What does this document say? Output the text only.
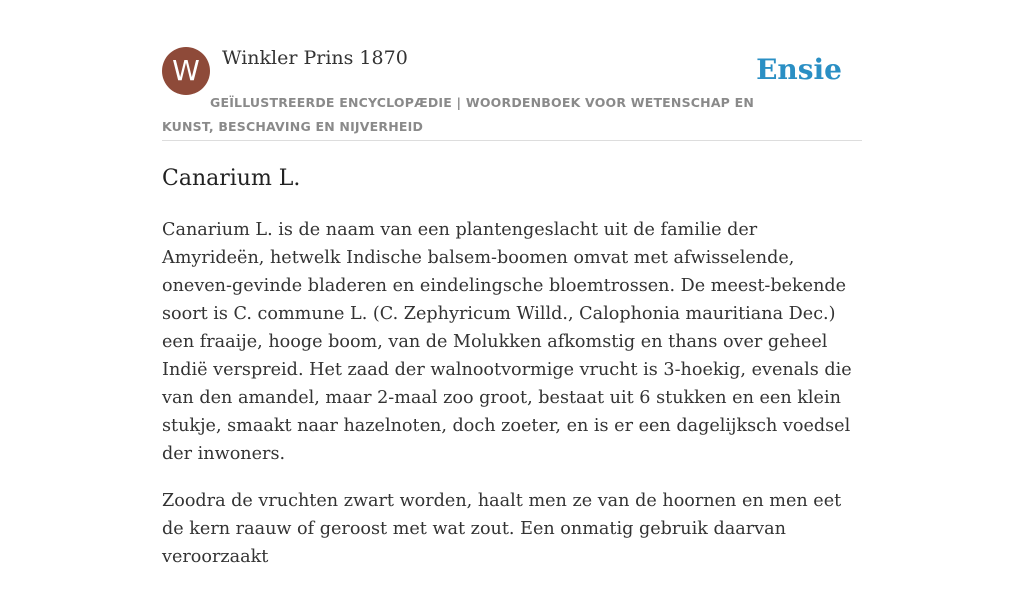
W	Winkler Prins 1870	Ensie
GEÏLLUSTREERDE ENCYCLOPÆDIE | WOORDENBOEK VOOR WETENSCHAP EN KUNST, BESCHAVING EN NIJVERHEID
Canarium L.

Canarium L. is de naam van een plantengeslacht uit de familie der Amyrideën, hetwelk Indische balsem-boomen omvat met afwisselende, oneven-gevinde bladeren en eindelingsche bloemtrossen. De meest-bekende soort is C. commune L. (C. Zephyricum Willd., Calophonia mauritiana Dec.) een fraaije, hooge boom, van de Molukken afkomstig en thans over geheel Indië verspreid. Het zaad der walnootvormige vrucht is 3-hoekig, evenals die van den amandel, maar 2-maal zoo groot, bestaat uit 6 stukken en een klein stukje, smaakt naar hazelnoten, doch zoeter, en is er een dagelijksch voedsel der inwoners.

Zoodra de vruchten zwart worden, haalt men ze van de hoornen en men eet de kern raauw of geroost met wat zout. Een onmatig gebruik daarvan veroorzaakt
